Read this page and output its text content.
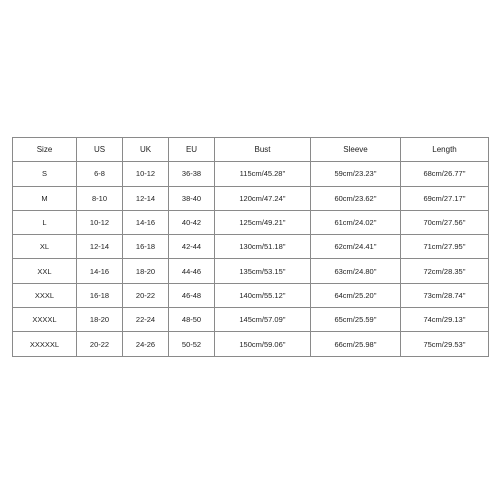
Size	US	UK	EU	Bust	Sleeve	Length
S	6-8	10-12	36-38	115cm/45.28''	59cm/23.23''	68cm/26.77''
M	8-10	12-14	38-40	120cm/47.24''	60cm/23.62''	69cm/27.17''
L	10-12	14-16	40-42	125cm/49.21''	61cm/24.02''	70cm/27.56''
XL	12-14	16-18	42-44	130cm/51.18''	62cm/24.41''	71cm/27.95''
XXL	14-16	18-20	44-46	135cm/53.15''	63cm/24.80''	72cm/28.35''
XXXL	16-18	20-22	46-48	140cm/55.12''	64cm/25.20''	73cm/28.74''
XXXXL	18-20	22-24	48-50	145cm/57.09''	65cm/25.59''	74cm/29.13''
XXXXXL	20-22	24-26	50-52	150cm/59.06''	66cm/25.98''	75cm/29.53''
